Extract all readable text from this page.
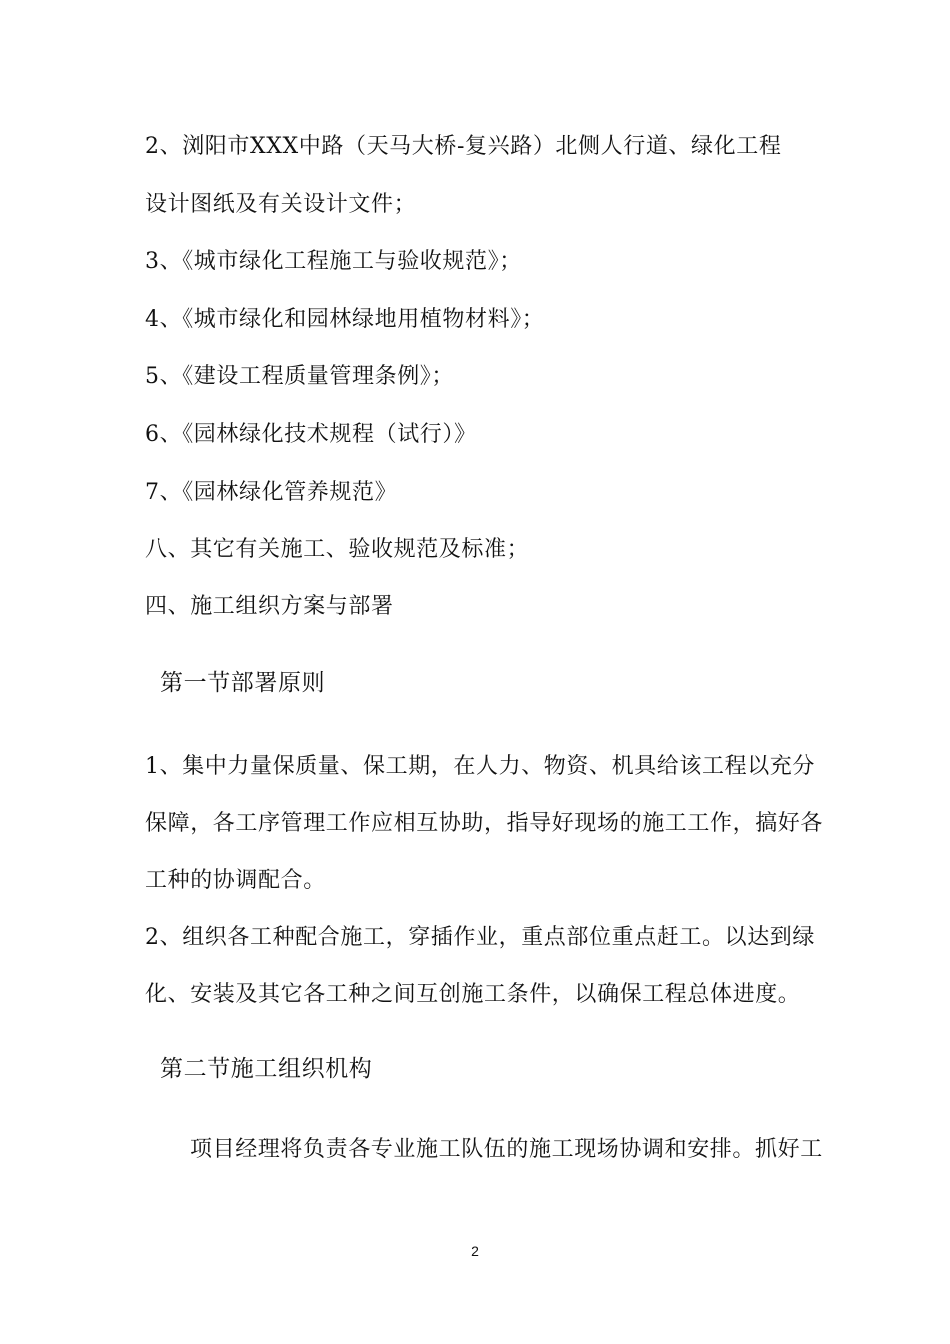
2、浏阳市XXX中路（天马大桥-复兴路）北侧人行道、绿化工程
设计图纸及有关设计文件；
3、《城市绿化工程施工与验收规范》；
4、《城市绿化和园林绿地用植物材料》；
5、《建设工程质量管理条例》；
6、《园林绿化技术规程（试行）》
7、《园林绿化管养规范》
八、其它有关施工、验收规范及标准；
四、施工组织方案与部署
第一节部署原则
1、集中力量保质量、保工期，在人力、物资、机具给该工程以充分
保障，各工序管理工作应相互协助，指导好现场的施工工作，搞好各
工种的协调配合。
2、组织各工种配合施工，穿插作业，重点部位重点赶工。以达到绿
化、安装及其它各工种之间互创施工条件，以确保工程总体进度。
第二节施工组织机构
项目经理将负责各专业施工队伍的施工现场协调和安排。抓好工
2
